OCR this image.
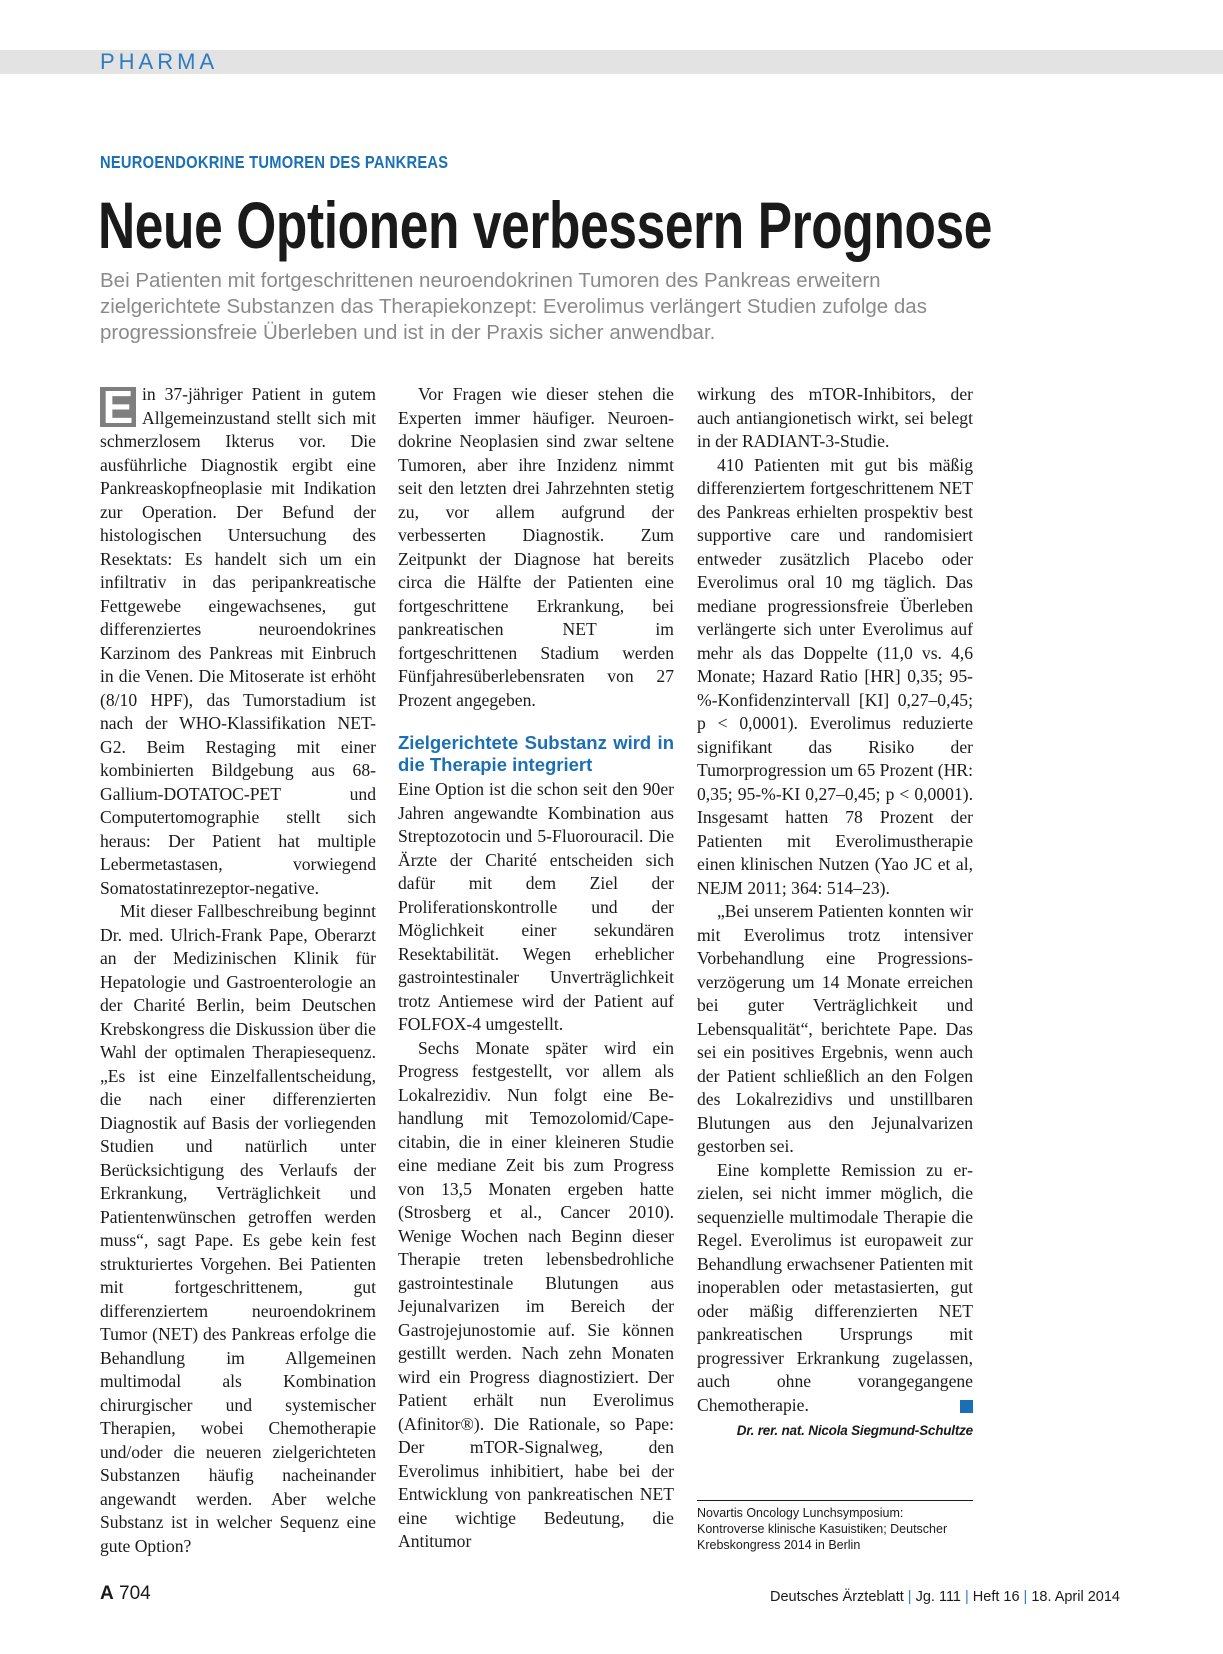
PHARMA
NEUROENDOKRINE TUMOREN DES PANKREAS
Neue Optionen verbessern Prognose

Bei Patienten mit fortgeschrittenen neuroendokrinen Tumoren des Pankreas erweitern zielgerichtete Substanzen das Therapiekonzept: Everolimus verlängert Studien zufolge das progressionsfreie Überleben und ist in der Praxis sicher anwendbar.

E in 37-jähriger Patient in gutem Allgemeinzustand stellt sich mit schmerzlosem Ikterus vor. Die ausführliche Diagnostik ergibt eine Pankreaskopfneoplasie mit Indikation zur Operation. Der Befund der histologischen Untersuchung des Resektats: Es handelt sich um ein infiltrativ in das peripankreatische Fettgewebe eingewachsenes, gut differenziertes neuroendokrines Karzinom des Pankreas mit Einbruch in die Venen. Die Mitoserate ist erhöht (8/10 HPF), das Tumorstadium ist nach der WHO-Klassifikation NET-G2. Beim Restaging mit einer kombinierten Bildgebung aus 68-Gallium-DOTATOC-PET und Computertomographie stellt sich heraus: Der Patient hat multiple Lebermetastasen, vorwiegend Somatostatinrezeptor-negative.

Mit dieser Fallbeschreibung beginnt Dr. med. Ulrich-Frank Pape, Oberarzt an der Medizinischen Klinik für Hepatologie und Gastroenterologie an der Charité Berlin, beim Deutschen Krebskongress die Diskussion über die Wahl der optimalen Therapiesequenz. „Es ist eine Einzelfallentscheidung, die nach einer differenzierten Diagnostik auf Basis der vorliegenden Studien und natürlich unter Berücksichtigung des Verlaufs der Erkrankung, Verträglichkeit und Patientenwünschen getroffen werden muss“, sagt Pape. Es gebe kein fest strukturiertes Vorgehen. Bei Patienten mit fortgeschrittenem, gut differenziertem neuroendokrinem Tumor (NET) des Pankreas erfolge die Behandlung im Allgemeinen multimodal als Kombination chirurgischer und systemischer Therapien, wobei Chemotherapie und/oder die neueren zielgerichteten Substanzen häufig nacheinander angewandt werden. Aber welche Substanz ist in welcher Sequenz eine gute Option?

Vor Fragen wie dieser stehen die Experten immer häufiger. Neuroendokrine Neoplasien sind zwar seltene Tumoren, aber ihre Inzidenz nimmt seit den letzten drei Jahrzehnten stetig zu, vor allem aufgrund der verbesserten Diagnostik. Zum Zeitpunkt der Diagnose hat bereits circa die Hälfte der Patienten eine fortgeschrittene Erkrankung, bei pankreatischen NET im fortgeschrittenen Stadium werden Fünfjahresüberlebensraten von 27 Prozent angegeben.

Zielgerichtete Substanz wird in die Therapie integriert

Eine Option ist die schon seit den 90er Jahren angewandte Kombination aus Streptozotocin und 5-Fluorouracil. Die Ärzte der Charité entscheiden sich dafür mit dem Ziel der Proliferationskontrolle und der Möglichkeit einer sekundären Resektabilität. Wegen erheblicher gastrointestinaler Unverträglichkeit trotz Antiemese wird der Patient auf FOLFOX-4 umgestellt.

Sechs Monate später wird ein Progress festgestellt, vor allem als Lokalrezidiv. Nun folgt eine Behandlung mit Temozolomid/Capecitabin, die in einer kleineren Studie eine mediane Zeit bis zum Progress von 13,5 Monaten ergeben hatte (Strosberg et al., Cancer 2010). Wenige Wochen nach Beginn dieser Therapie treten lebensbedrohliche gastrointestinale Blutungen aus Jejunalvarizen im Bereich der Gastrojejunostomie auf. Sie können gestillt werden. Nach zehn Monaten wird ein Progress diagnostiziert. Der Patient erhält nun Everolimus (Afinitor®). Die Rationale, so Pape: Der mTOR-Signalweg, den Everolimus inhibitiert, habe bei der Entwicklung von pankreatischen NET eine wichtige Bedeutung, die Antitumor

wirkung des mTOR-Inhibitors, der auch antiangionetisch wirkt, sei belegt in der RADIANT-3-Studie.

410 Patienten mit gut bis mäßig differenziertem fortgeschrittenem NET des Pankreas erhielten prospektiv best supportive care und randomisiert entweder zusätzlich Placebo oder Everolimus oral 10 mg täglich. Das mediane progressionsfreie Überleben verlängerte sich unter Everolimus auf mehr als das Doppelte (11,0 vs. 4,6 Monate; Hazard Ratio [HR] 0,35; 95-%-Konfidenzintervall [KI] 0,27–0,45; p < 0,0001). Everolimus reduzierte signifikant das Risiko der Tumorprogression um 65 Prozent (HR: 0,35; 95-%-KI 0,27–0,45; p < 0,0001). Insgesamt hatten 78 Prozent der Patienten mit Everolimustherapie einen klinischen Nutzen (Yao JC et al, NEJM 2011; 364: 514–23).

„Bei unserem Patienten konnten wir mit Everolimus trotz intensiver Vorbehandlung eine Progressionsverzögerung um 14 Monate erreichen bei guter Verträglichkeit und Lebensqualität“, berichtete Pape. Das sei ein positives Ergebnis, wenn auch der Patient schließlich an den Folgen des Lokalrezidivs und unstillbaren Blutungen aus den Jejunalvarizen gestorben sei.

Eine komplette Remission zu erzielen, sei nicht immer möglich, die sequenzielle multimodale Therapie die Regel. Everolimus ist europaweit zur Behandlung erwachsener Patienten mit inoperablen oder metastasierten, gut oder mäßig differenzierten NET pankreatischen Ursprungs mit progressiver Erkrankung zugelassen, auch ohne vorangegangene Chemotherapie.

Dr. rer. nat. Nicola Siegmund-Schultze
Novartis Oncology Lunchsymposium: Kontroverse klinische Kasuistiken; Deutscher Krebskongress 2014 in Berlin
A 704	Deutsches Ärzteblatt | Jg. 111 | Heft 16 | 18. April 2014
